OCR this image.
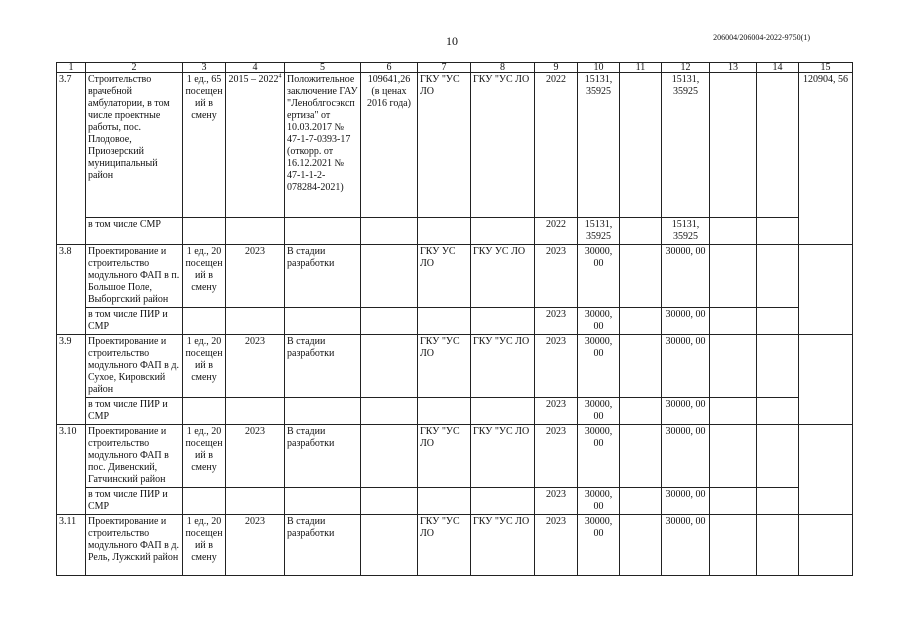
10	206004/206004-2022-9750(1)
1	2	3	4	5	6	7	8	9	10	11	12	13	14	15
3.7	Строительство врачебной амбулатории, в том числе проектные работы, пос. Плодовое, Приозерский муниципальный район	1 ед., 65 посещений в смену	2015 – 2022$^4$	Положительное заключение ГАУ "Леноблгосэкспертиза" от 10.03.2017 № 47-1-7-0393-17 (откорр. от 16.12.2021 № 47-1-1-2-078284-2021)	109641,26 (в ценах 2016 года)	ГКУ "УС ЛО	ГКУ "УС ЛО	2022	15131, 35925		15131, 35925			120904, 56
	в том числе СМР							2022	15131, 35925		15131, 35925			
3.8	Проектирование и строительство модульного ФАП в п. Большое Поле, Выборгский район	1 ед., 20 посещений в смену	2023	В стадии разработки		ГКУ УС ЛО	ГКУ УС ЛО	2023	30000, 00		30000, 00			
	в том числе ПИР и СМР							2023	30000, 00		30000, 00			
3.9	Проектирование и строительство модульного ФАП в д. Сухое, Кировский район	1 ед., 20 посещений в смену	2023	В стадии разработки		ГКУ "УС ЛО	ГКУ "УС ЛО	2023	30000, 00		30000, 00			
	в том числе ПИР и СМР							2023	30000, 00		30000, 00			
3.10	Проектирование и строительство модульного ФАП в пос. Дивенский, Гатчинский район	1 ед., 20 посещений в смену	2023	В стадии разработки		ГКУ "УС ЛО	ГКУ "УС ЛО	2023	30000, 00		30000, 00			
	в том числе ПИР и СМР							2023	30000, 00		30000, 00			
3.11	Проектирование и строительство модульного ФАП в д. Рель, Лужский район	1 ед., 20 посещений в смену	2023	В стадии разработки		ГКУ "УС ЛО	ГКУ "УС ЛО	2023	30000, 00		30000, 00			
